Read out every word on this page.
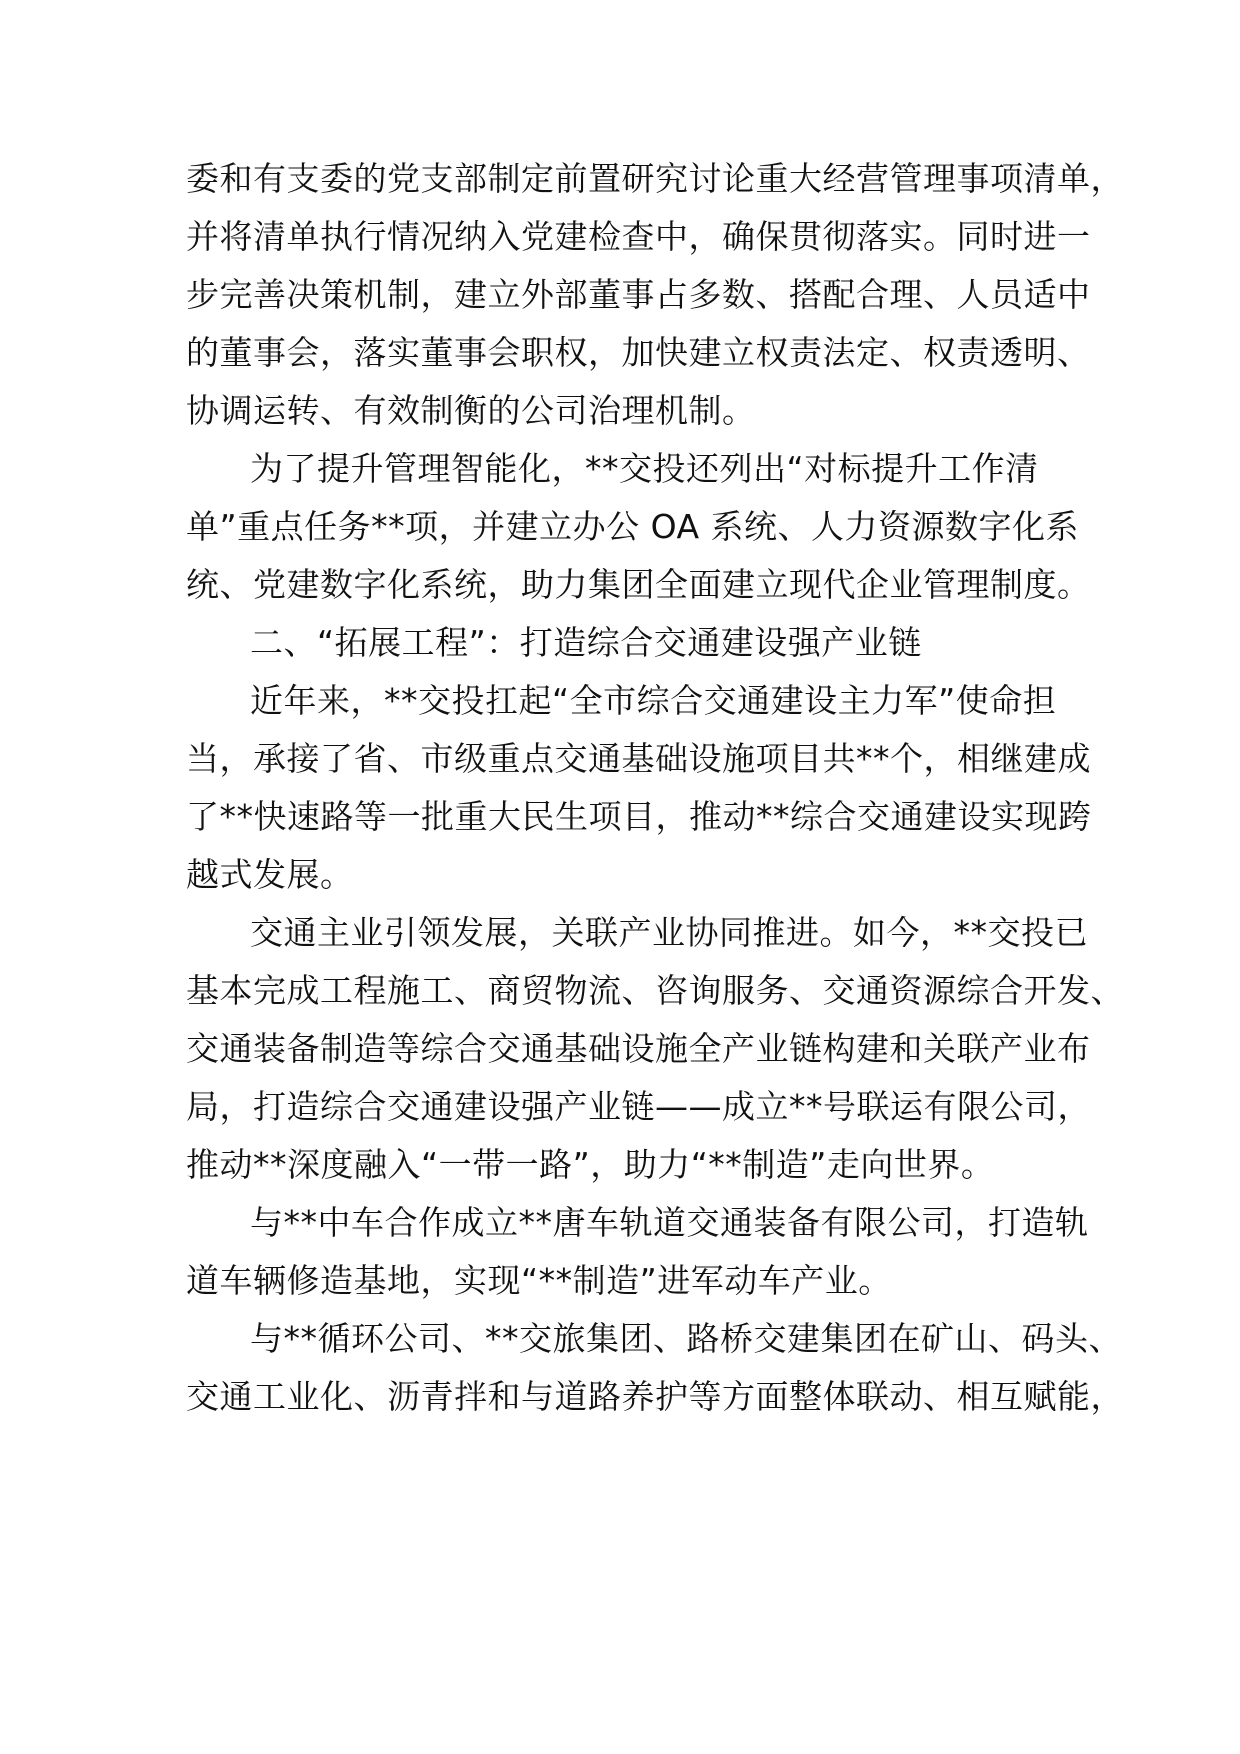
委和有支委的党支部制定前置研究讨论重大经营管理事项清单，
并将清单执行情况纳入党建检查中，确保贯彻落实。同时进一
步完善决策机制，建立外部董事占多数、搭配合理、人员适中
的董事会，落实董事会职权，加快建立权责法定、权责透明、
协调运转、有效制衡的公司治理机制。
为了提升管理智能化，**交投还列出“对标提升工作清
单”重点任务**项，并建立办公 OA 系统、人力资源数字化系
统、党建数字化系统，助力集团全面建立现代企业管理制度。
二、“拓展工程”：打造综合交通建设强产业链
近年来，**交投扛起“全市综合交通建设主力军”使命担
当，承接了省、市级重点交通基础设施项目共**个，相继建成
了**快速路等一批重大民生项目，推动**综合交通建设实现跨
越式发展。
交通主业引领发展，关联产业协同推进。如今，**交投已
基本完成工程施工、商贸物流、咨询服务、交通资源综合开发、
交通装备制造等综合交通基础设施全产业链构建和关联产业布
局，打造综合交通建设强产业链——成立**号联运有限公司，
推动**深度融入“一带一路”，助力“**制造”走向世界。
与**中车合作成立**唐车轨道交通装备有限公司，打造轨
道车辆修造基地，实现“**制造”进军动车产业。
与**循环公司、**交旅集团、路桥交建集团在矿山、码头、
交通工业化、沥青拌和与道路养护等方面整体联动、相互赋能，
